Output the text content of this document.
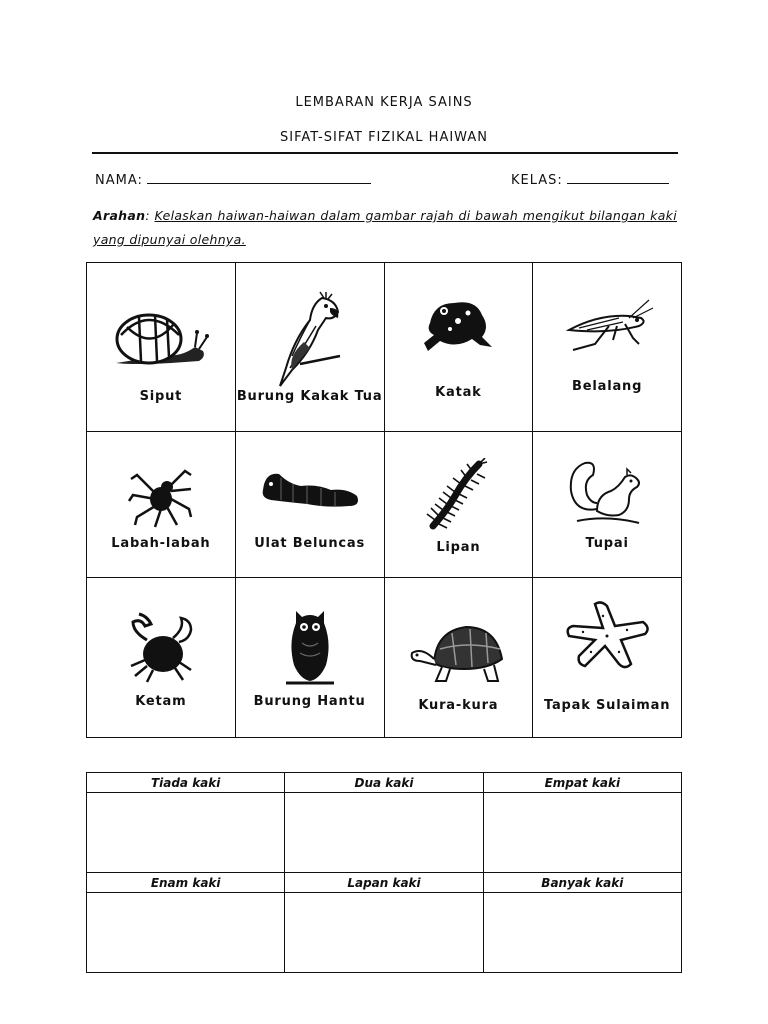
LEMBARAN KERJA SAINS
SIFAT-SIFAT FIZIKAL HAIWAN
NAMA:	KELAS:
Arahan: Kelaskan haiwan-haiwan dalam gambar rajah di bawah mengikut bilangan kaki yang dipunyai olehnya.
Siput	Burung Kakak Tua	Katak	Belalang

Labah-labah	Ulat Beluncas	Lipan	Tupai

Ketam	Burung Hantu	Kura-kura	Tapak Sulaiman
Tiada kaki	Dua kaki	Empat kaki

Enam kaki	Lapan kaki	Banyak kaki
